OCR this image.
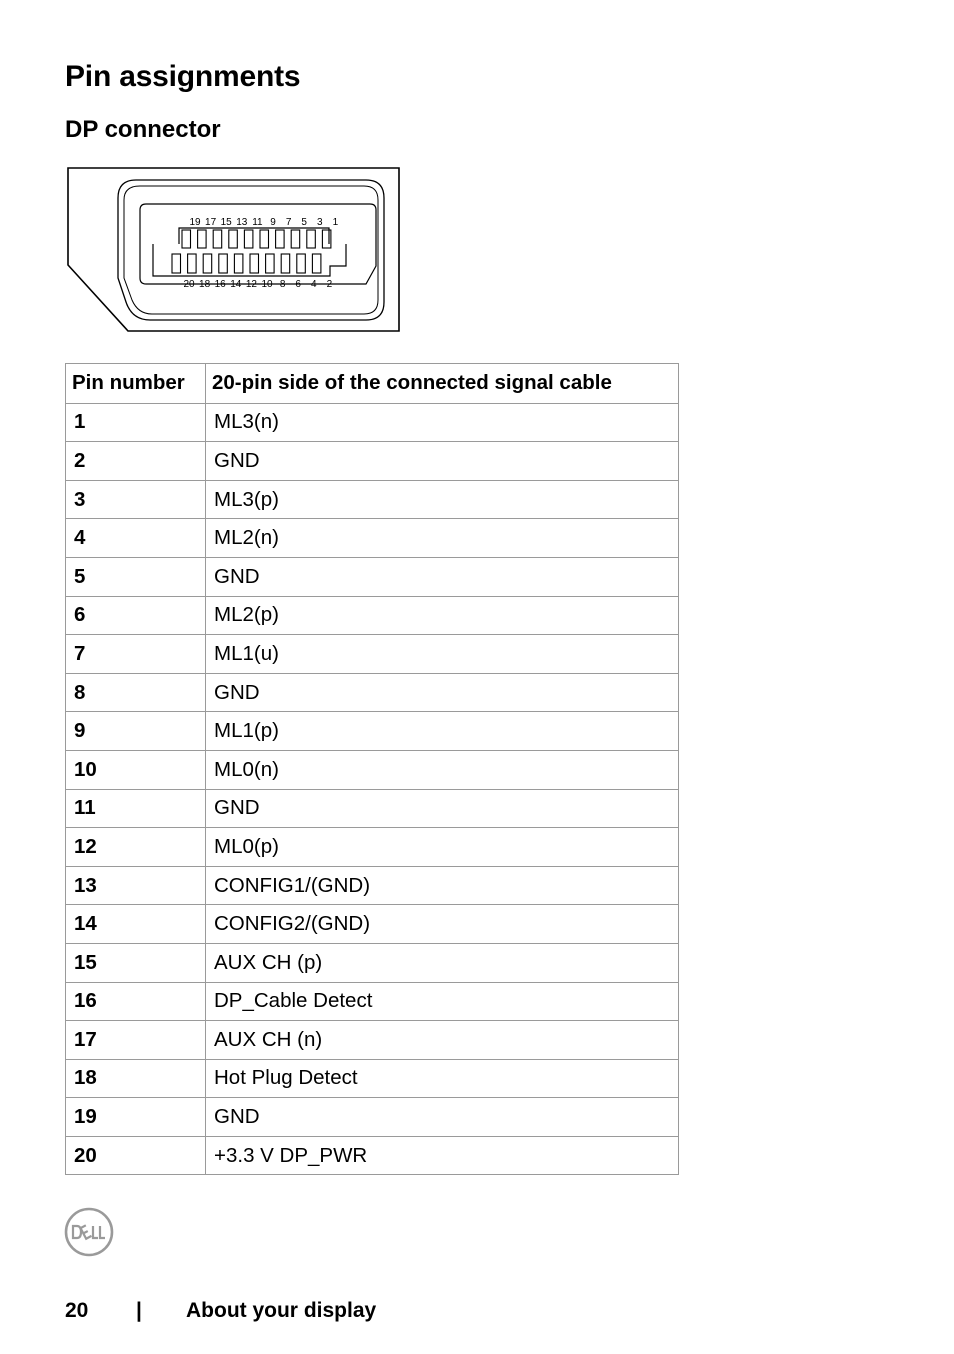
Pin assignments
DP connector
19 17 15 13 11 9 7 5 3 1
20 18 16 14 12 10 8 6 4 2
Pin number	20-pin side of the connected signal cable
1	ML3(n)
2	GND
3	ML3(p)
4	ML2(n)
5	GND
6	ML2(p)
7	ML1(u)
8	GND
9	ML1(p)
10	ML0(n)
11	GND
12	ML0(p)
13	CONFIG1/(GND)
14	CONFIG2/(GND)
15	AUX CH (p)
16	DP_Cable Detect
17	AUX CH (n)
18	Hot Plug Detect
19	GND
20	+3.3 V DP_PWR
20 | About your display
